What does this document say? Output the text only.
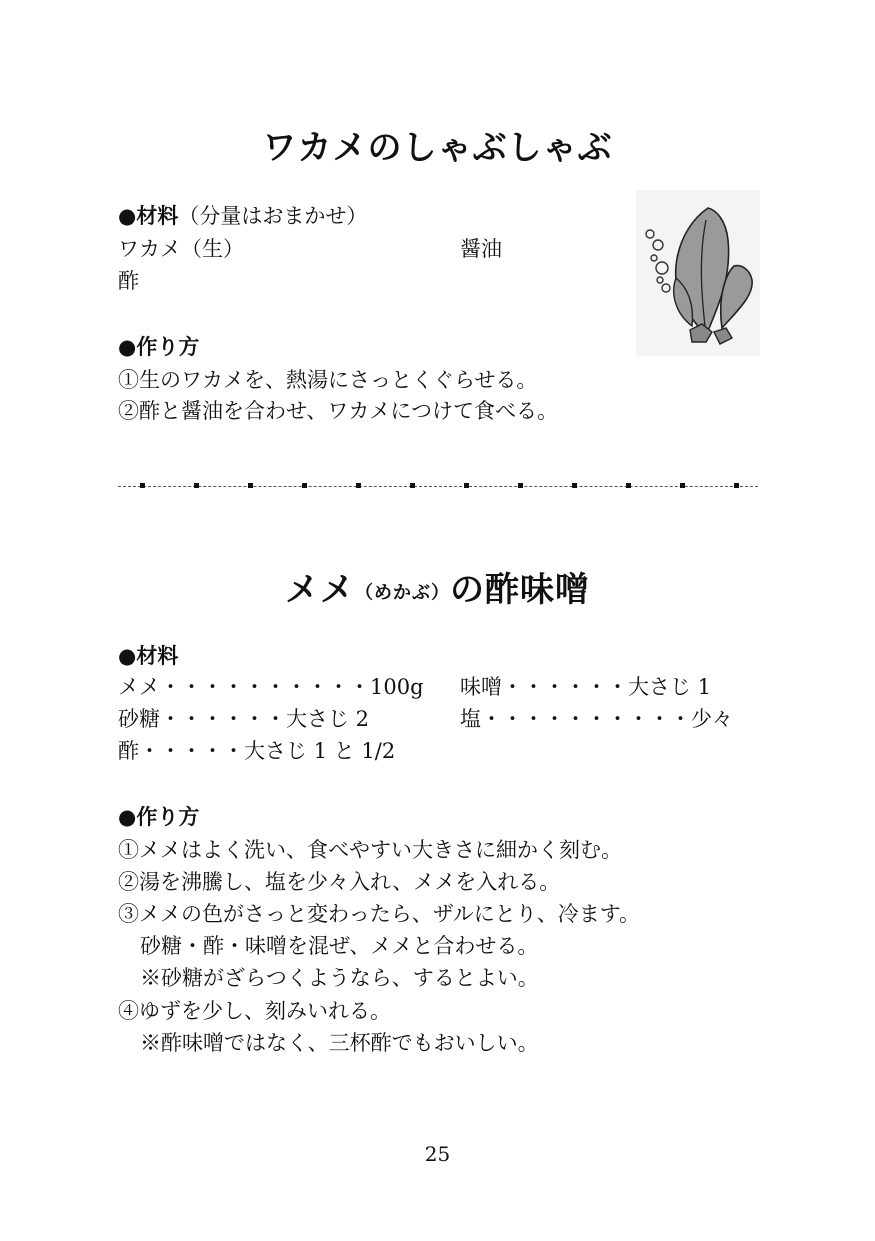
ワカメのしゃぶしゃぶ
●材料（分量はおまかせ）
ワカメ（生）	醤油
酢
●作り方
①生のワカメを、熱湯にさっとくぐらせる。
②酢と醤油を合わせ、ワカメにつけて食べる。
メメ（めかぶ）の酢味噌
●材料
メメ・・・・・・・・・・100g 味噌・・・・・・大さじ 1
砂糖・・・・・・大さじ 2	塩・・・・・・・・・・少々
酢・・・・・大さじ 1 と 1/2
●作り方
①メメはよく洗い、食べやすい大きさに細かく刻む。
②湯を沸騰し、塩を少々入れ、メメを入れる。
③メメの色がさっと変わったら、ザルにとり、冷ます。
砂糖・酢・味噌を混ぜ、メメと合わせる。
※砂糖がざらつくようなら、するとよい。
④ゆずを少し、刻みいれる。
※酢味噌ではなく、三杯酢でもおいしい。
25
